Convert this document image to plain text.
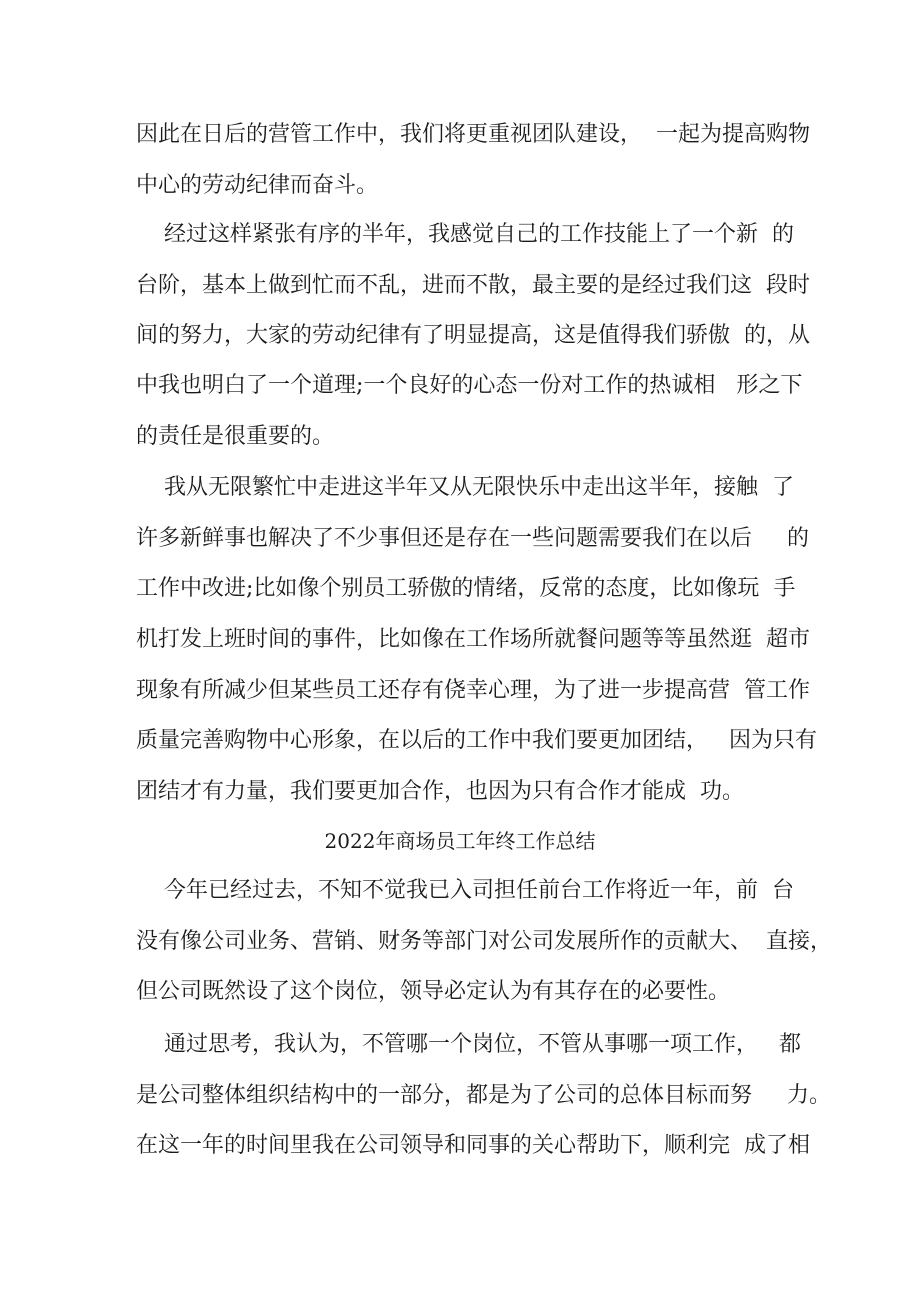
因此在日后的营管工作中，我们将更重视团队建设，  一起为提高购物

中心的劳动纪律而奋斗。

经过这样紧张有序的半年，我感觉自己的工作技能上了一个新  的

台阶，基本上做到忙而不乱，进而不散，最主要的是经过我们这  段时

间的努力，大家的劳动纪律有了明显提高，这是值得我们骄傲  的，从

中我也明白了一个道理;一个良好的心态一份对工作的热诚相   形之下

的责任是很重要的。

我从无限繁忙中走进这半年又从无限快乐中走出这半年，接触  了

许多新鲜事也解决了不少事但还是存在一些问题需要我们在以后     的

工作中改进;比如像个别员工骄傲的情绪，反常的态度，比如像玩  手

机打发上班时间的事件，比如像在工作场所就餐问题等等虽然逛  超市

现象有所减少但某些员工还存有侥幸心理，为了进一步提高营  管工作

质量完善购物中心形象，在以后的工作中我们要更加团结，   因为只有

团结才有力量，我们要更加合作，也因为只有合作才能成  功。

2022年商场员工年终工作总结

今年已经过去，不知不觉我已入司担任前台工作将近一年，前  台

没有像公司业务、营销、财务等部门对公司发展所作的贡献大、  直接，

但公司既然设了这个岗位，领导必定认为有其存在的必要性。

通过思考，我认为，不管哪一个岗位，不管从事哪一项工作，   都

是公司整体组织结构中的一部分，都是为了公司的总体目标而努     力。

在这一年的时间里我在公司领导和同事的关心帮助下，顺利完  成了相
